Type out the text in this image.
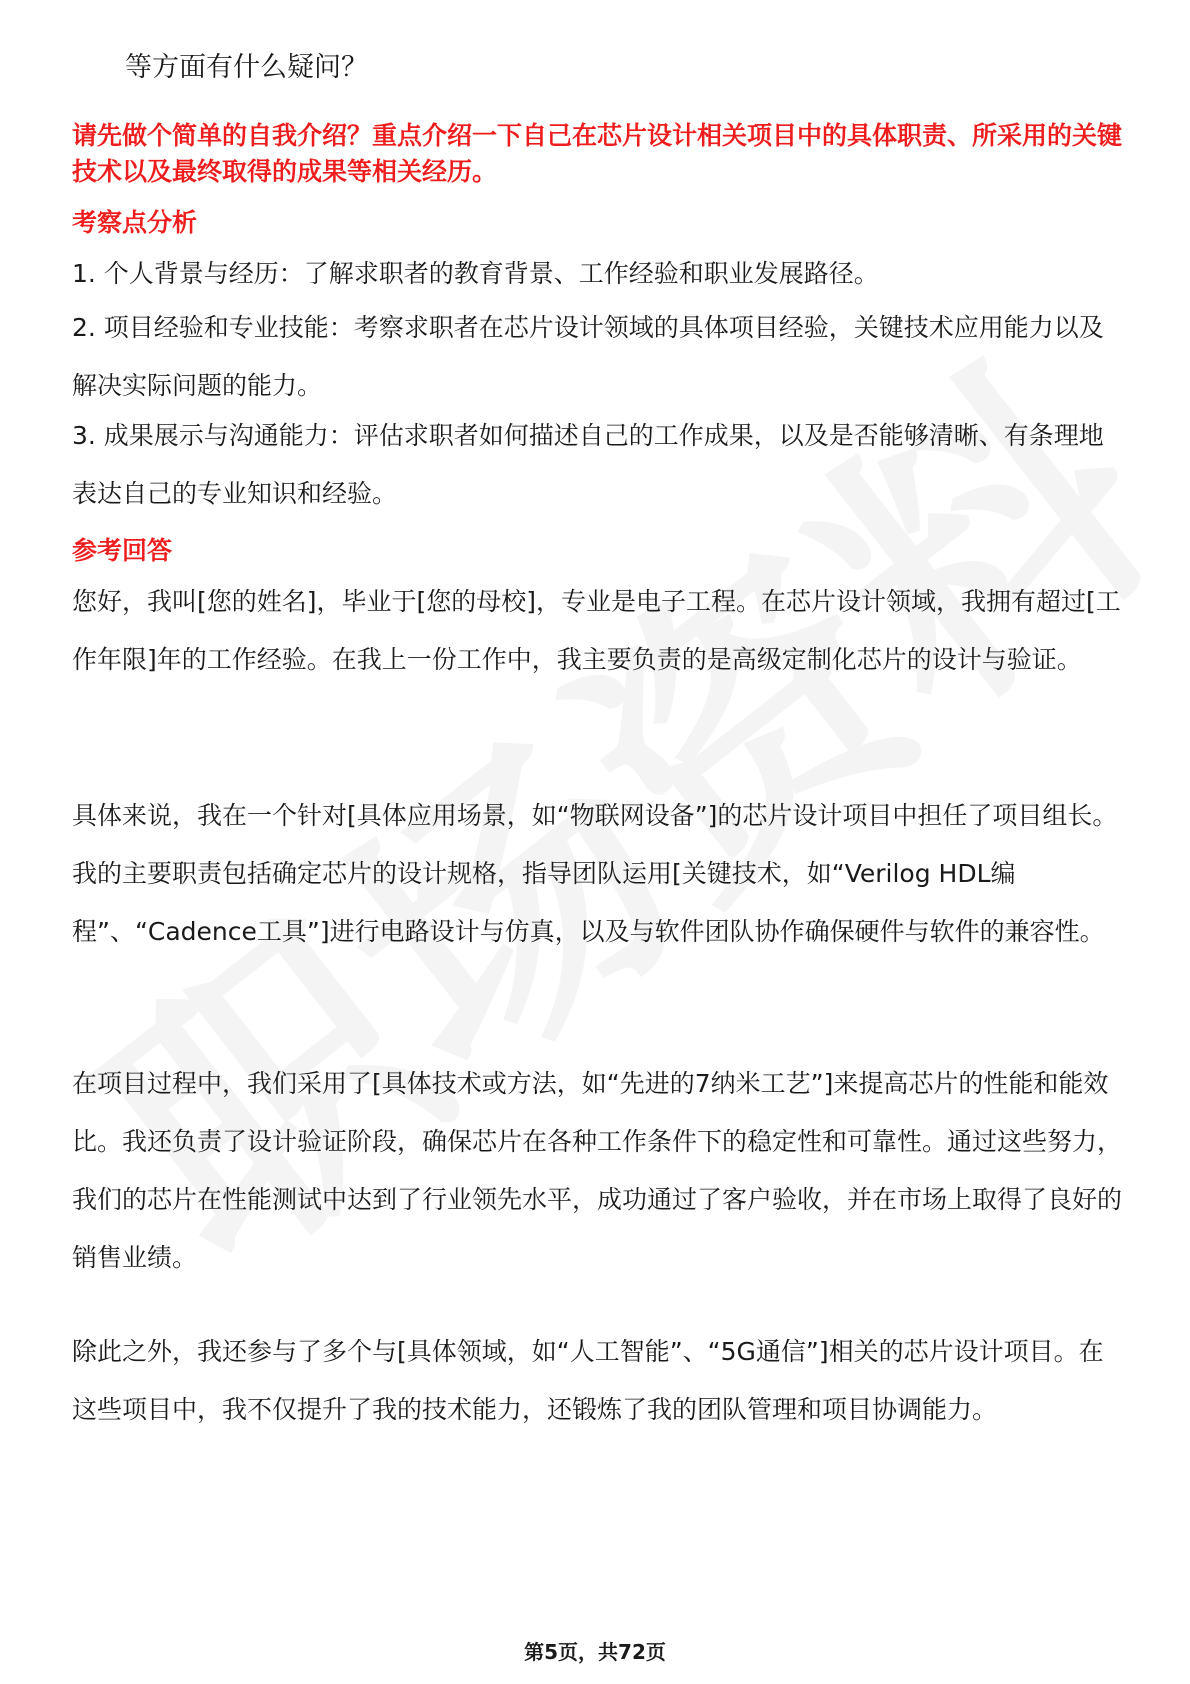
等方面有什么疑问？
请先做个简单的自我介绍？重点介绍一下自己在芯片设计相关项目中的具体职责、所采用的关键技术以及最终取得的成果等相关经历。
考察点分析
1. 个人背景与经历：了解求职者的教育背景、工作经验和职业发展路径。
2. 项目经验和专业技能：考察求职者在芯片设计领域的具体项目经验，关键技术应用能力以及解决实际问题的能力。
3. 成果展示与沟通能力：评估求职者如何描述自己的工作成果，以及是否能够清晰、有条理地表达自己的专业知识和经验。
参考回答
您好，我叫[您的姓名]，毕业于[您的母校]，专业是电子工程。在芯片设计领域，我拥有超过[工作年限]年的工作经验。在我上一份工作中，我主要负责的是高级定制化芯片的设计与验证。
具体来说，我在一个针对[具体应用场景，如“物联网设备”]的芯片设计项目中担任了项目组长。我的主要职责包括确定芯片的设计规格，指导团队运用[关键技术，如“Verilog HDL编程”、“Cadence工具”]进行电路设计与仿真，以及与软件团队协作确保硬件与软件的兼容性。
在项目过程中，我们采用了[具体技术或方法，如“先进的7纳米工艺”]来提高芯片的性能和能效比。我还负责了设计验证阶段，确保芯片在各种工作条件下的稳定性和可靠性。通过这些努力，我们的芯片在性能测试中达到了行业领先水平，成功通过了客户验收，并在市场上取得了良好的销售业绩。
除此之外，我还参与了多个与[具体领域，如“人工智能”、“5G通信”]相关的芯片设计项目。在这些项目中，我不仅提升了我的技术能力，还锻炼了我的团队管理和项目协调能力。
第5页，共72页
